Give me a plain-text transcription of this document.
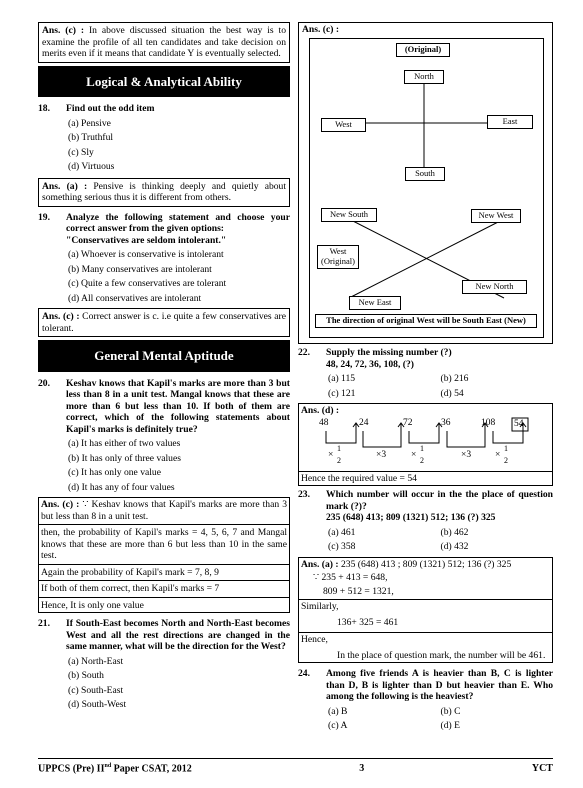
Ans. (c) : In above discussed situation the best way is to examine the profile of all ten candidates and take decision on merits even if it means that candidate Y is eventually selected.
Logical & Analytical Ability
18.	Find out the odd item
(a) Pensive
(b) Truthful
(c) Sly
(d) Virtuous
Ans. (a) : Pensive is thinking deeply and quietly about something serious thus it is different from others.
19.	Analyze the following statement and choose your correct answer from the given options:
"Conservatives are seldom intolerant."
(a) Whoever is conservative is intolerant
(b) Many conservatives are intolerant
(c) Quite a few conservatives are tolerant
(d) All conservatives are intolerant
Ans. (c) : Correct answer is c. i.e quite a few conservatives are tolerant.
General Mental Aptitude
20.	Keshav knows that Kapil's marks are more than 3 but less than 8 in a unit test. Mangal knows that these are more than 6 but less than 10. If both of them are correct, which of the following statements about Kapil's marks is definitely true?
(a) It has either of two values
(b) It has only of three values
(c) It has only one value
(d) It has any of four values
Ans. (c) : ∵ Keshav knows that Kapil's marks are more than 3 but less than 8 in a unit test.
then, the probability of Kapil's marks = 4, 5, 6, 7 and Mangal knows that these are more than 6 but less than 10 in the same test.
Again the probability of Kapil's mark = 7, 8, 9
If both of them correct, then Kapil's marks = 7
Hence, It is only one value
21.	If South-East becomes North and North-East becomes West and all the rest directions are changed in the same manner, what will be the direction for the West?
(a) North-East
(b) South
(c) South-East
(d) South-West
Ans. (c) :
(Original)
North
West	East
South
New South	New West
West
(Original)
New North
New East
The direction of original West will be South East (New)
22.	Supply the missing number (?)
48, 24, 72, 36, 108, (?)
(a) 115	(b) 216
(c) 121	(d) 54
Ans. (d) :
48	24	72	36	108 54
×
1
2
×3	×
1
2
×3	×
1
2
Hence the required value = 54
23.	Which number will occur in the the place of question mark (?)?
235 (648) 413; 809 (1321) 512; 136 (?) 325
(a) 461	(b) 462
(c) 358	(d) 432
Ans. (a) : 235 (648) 413 ; 809 (1321) 512; 136 (?) 325
∵ 235 + 413 = 648,
809 + 512 = 1321,
Similarly,
136+ 325 = 461
Hence,
In the place of question mark, the number will be 461.
24.	Among five friends A is heavier than B, C is lighter than D, B is lighter than D but heavier than E. Who among the following is the heaviest?
(a) B	(b) C
(c) A	(d) E
UPPCS (Pre) IInd Paper CSAT, 2012	3	YCT
